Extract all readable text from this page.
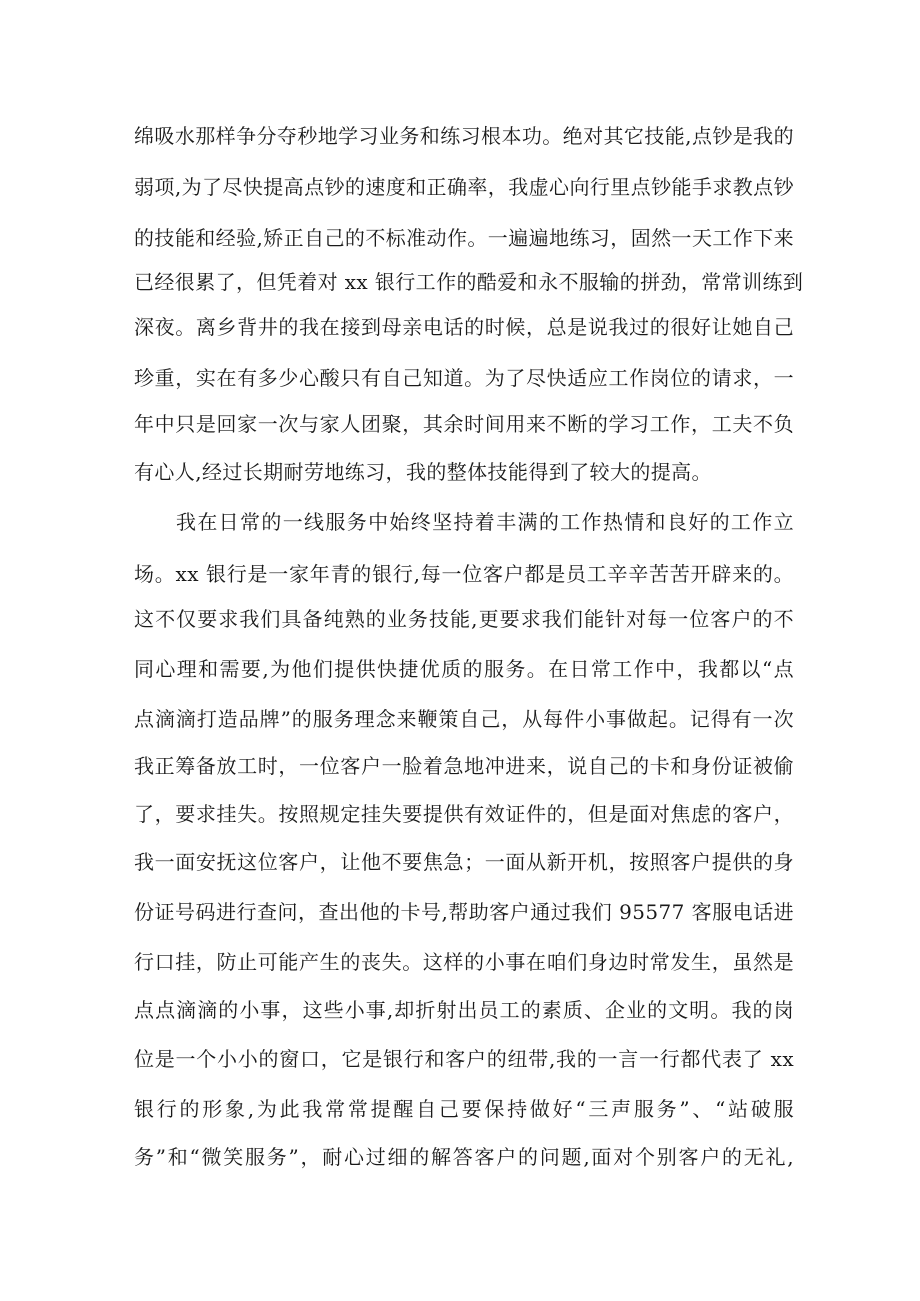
绵吸水那样争分夺秒地学习业务和练习根本功。绝对其它技能,点钞是我的
弱项,为了尽快提高点钞的速度和正确率，我虚心向行里点钞能手求教点钞
的技能和经验,矫正自己的不标准动作。一遍遍地练习，固然一天工作下来
已经很累了，但凭着对 xx 银行工作的酷爱和永不服输的拼劲，常常训练到
深夜。离乡背井的我在接到母亲电话的时候，总是说我过的很好让她自己
珍重，实在有多少心酸只有自己知道。为了尽快适应工作岗位的请求，一
年中只是回家一次与家人团聚，其余时间用来不断的学习工作，工夫不负
有心人,经过长期耐劳地练习，我的整体技能得到了较大的提高。
我在日常的一线服务中始终坚持着丰满的工作热情和良好的工作立
场。xx 银行是一家年青的银行,每一位客户都是员工辛辛苦苦开辟来的。
这不仅要求我们具备纯熟的业务技能,更要求我们能针对每一位客户的不
同心理和需要,为他们提供快捷优质的服务。在日常工作中，我都以“点
点滴滴打造品牌”的服务理念来鞭策自己，从每件小事做起。记得有一次
我正筹备放工时，一位客户一脸着急地冲进来，说自己的卡和身份证被偷
了，要求挂失。按照规定挂失要提供有效证件的，但是面对焦虑的客户，
我一面安抚这位客户，让他不要焦急；一面从新开机，按照客户提供的身
份证号码进行查问，查出他的卡号,帮助客户通过我们 95577 客服电话进
行口挂，防止可能产生的丧失。这样的小事在咱们身边时常发生，虽然是
点点滴滴的小事，这些小事,却折射出员工的素质、企业的文明。我的岗
位是一个小小的窗口，它是银行和客户的纽带,我的一言一行都代表了 xx
银行的形象,为此我常常提醒自己要保持做好“三声服务”、“站破服
务”和“微笑服务”，耐心过细的解答客户的问题,面对个别客户的无礼,
